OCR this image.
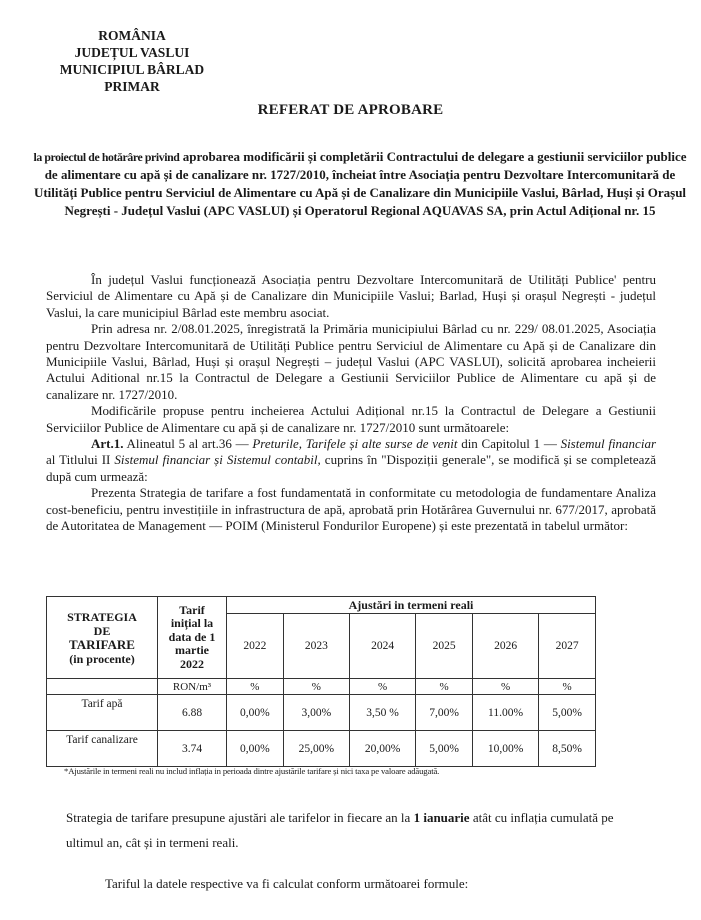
ROMÂNIA
JUDEȚUL VASLUI
MUNICIPIUL BÂRLAD
PRIMAR
REFERAT DE APROBARE
la proiectul de hotărâre privind aprobarea modificării și completării Contractului de delegare a gestiunii serviciilor publice de alimentare cu apă și de canalizare nr. 1727/2010, încheiat între Asociația pentru Dezvoltare Intercomunitară de Utilități Publice pentru Serviciul de Alimentare cu Apă și de Canalizare din Municipiile Vaslui, Bârlad, Huși și Orașul Negrești - Județul Vaslui (APC VASLUI) și Operatorul Regional AQUAVAS SA, prin Actul Adițional nr. 15

În județul Vaslui funcționează Asociația pentru Dezvoltare Intercomunitară de Utilități Publice' pentru Serviciul de Alimentare cu Apă și de Canalizare din Municipiile Vaslui; Barlad, Huși și orașul Negrești - județul Vaslui, la care municipiul Bârlad este membru asociat.

Prin adresa nr. 2/08.01.2025, înregistrată la Primăria municipiului Bârlad cu nr. 229/ 08.01.2025, Asociația pentru Dezvoltare Intercomunitară de Utilități Publice pentru Serviciul de Alimentare cu Apă și de Canalizare din Municipiile Vaslui, Bârlad, Huși și orașul Negrești – județul Vaslui (APC VASLUI), solicită aprobarea incheierii Actului Aditional nr.15 la Contractul de Delegare a Gestiunii Serviciilor Publice de Alimentare cu apă și de canalizare nr. 1727/2010.

Modificările propuse pentru incheierea Actului Adițional nr.15 la Contractul de Delegare a Gestiunii Serviciilor Publice de Alimentare cu apă și de canalizare nr. 1727/2010 sunt următoarele:

Art.1. Alineatul 5 al art.36 — Preturile, Tarifele și alte surse de venit din Capitolul 1 — Sistemul financiar al Titlului II Sistemul financiar și Sistemul contabil, cuprins în "Dispoziții generale", se modifică și se completează după cum urmează:

Prezenta Strategia de tarifare a fost fundamentată in conformitate cu metodologia de fundamentare Analiza cost-beneficiu, pentru investițiile in infrastructura de apă, aprobată prin Hotărârea Guvernului nr. 677/2017, aprobată de Autoritatea de Management — POIM (Ministerul Fondurilor Europene) și este prezentată in tabelul următor:

STRATEGIA
DE
TARIFARE
(in procente)	Tarif
inițial la
data de 1
martie
2022	Ajustări in termeni reali					
		2022	2023	2024	2025	2026	2027
	RON/m³	%	%	%	%	%	%
Tarif apă	6.88	0,00%	3,00%	3,50 %	7,00%	11.00%	5,00%
Tarif canalizare	3.74	0,00%	25,00%	20,00%	5,00%	10,00%	8,50%
*Ajustările in termeni reali nu includ inflația in perioada dintre ajustările tarifare și nici taxa pe valoare adăugată.
Strategia de tarifare presupune ajustări ale tarifelor in fiecare an la 1 ianuarie atât cu inflația cumulată pe ultimul an, cât și in termeni reali.
Tariful la datele respective va fi calculat conform următoarei formule:
